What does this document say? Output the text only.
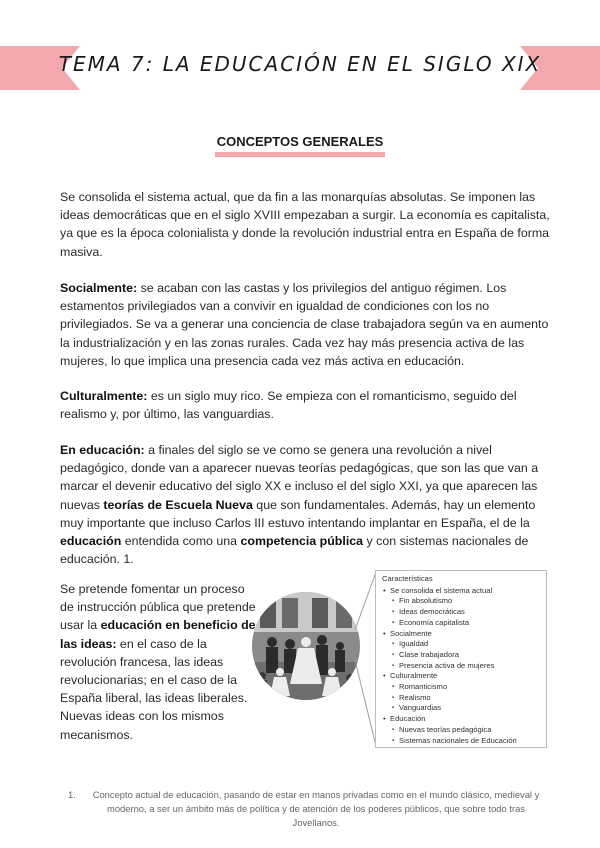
TEMA 7: LA EDUCACIÓN EN EL SIGLO XIX
CONCEPTOS GENERALES

Se consolida el sistema actual, que da fin a las monarquías absolutas. Se imponen las ideas democráticas que en el siglo XVIII empezaban a surgir. La economía es capitalista, ya que es la época colonialista y donde la revolución industrial entra en España de forma masiva.

Socialmente: se acaban con las castas y los privilegios del antiguo régimen. Los estamentos privilegiados van a convivir en igualdad de condiciones con los no privilegiados. Se va a generar una conciencia de clase trabajadora según va en aumento la industrialización y en las zonas rurales. Cada vez hay más presencia activa de las mujeres, lo que implica una presencia cada vez más activa en educación.

Culturalmente: es un siglo muy rico. Se empieza con el romanticismo, seguido del realismo y, por último, las vanguardias.

En educación: a finales del siglo se ve como se genera una revolución a nivel pedagógico, donde van a aparecer nuevas teorías pedagógicas, que son las que van a marcar el devenir educativo del siglo XX e incluso el del siglo XXI, ya que aparecen las nuevas teorías de Escuela Nueva que son fundamentales. Además, hay un elemento muy importante que incluso Carlos III estuvo intentando implantar en España, el de la educación entendida como una competencia pública y con sistemas nacionales de educación. 1.

Se pretende fomentar un proceso de instrucción pública que pretende usar la educación en beneficio de las ideas: en el caso de la revolución francesa, las ideas revolucionarias; en el caso de la España liberal, las ideas liberales.
Nuevas ideas con los mismos mecanismos.

Características
• Se consolida el sistema actual
▪ Fin absolutismo
▪ Ideas democráticas
▪ Economía capitalista
• Socialmente
▪ Igualdad
▪ Clase trabajadora
▪ Presencia activa de mujeres
• Culturalmente
▪ Romanticismo
▪ Realismo
▪ Vanguardias
• Educación
▪ Nuevas teorías pedagógica
▪ Sistemas nacionales de Educación
1.	Concepto actual de educación, pasando de estar en manos privadas como en el mundo clásico, medieval y moderno, a ser un ámbito más de política y de atención de los poderes públicos, que sobre todo tras Jovellanos.
